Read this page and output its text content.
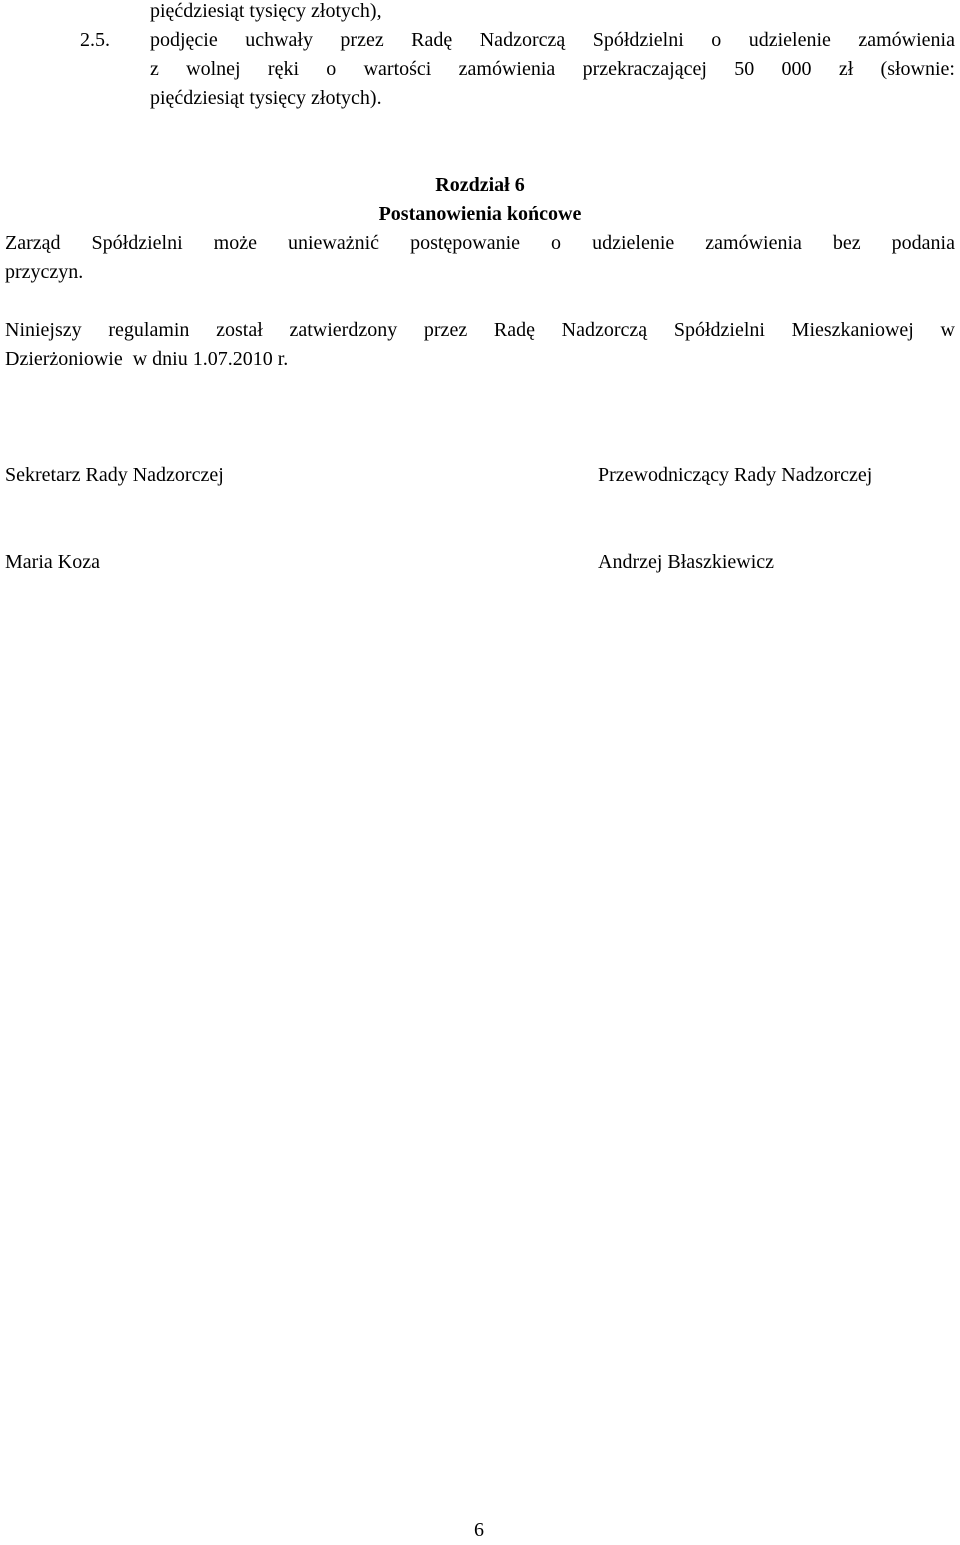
pięćdziesiąt tysięcy złotych),
2.5. podjęcie uchwały przez Radę Nadzorczą Spółdzielni o udzielenie zamówienia
z wolnej ręki o wartości zamówienia przekraczającej 50 000 zł (słownie:
pięćdziesiąt tysięcy złotych).
Rozdział 6
Postanowienia końcowe
Zarząd Spółdzielni może unieważnić postępowanie o udzielenie zamówienia bez podania
przyczyn.
Niniejszy regulamin został zatwierdzony przez Radę Nadzorczą Spółdzielni Mieszkaniowej w
Dzierżoniowie  w dniu 1.07.2010 r.
Sekretarz Rady Nadzorczej	Przewodniczący Rady Nadzorczej
Maria Koza	Andrzej Błaszkiewicz
6
